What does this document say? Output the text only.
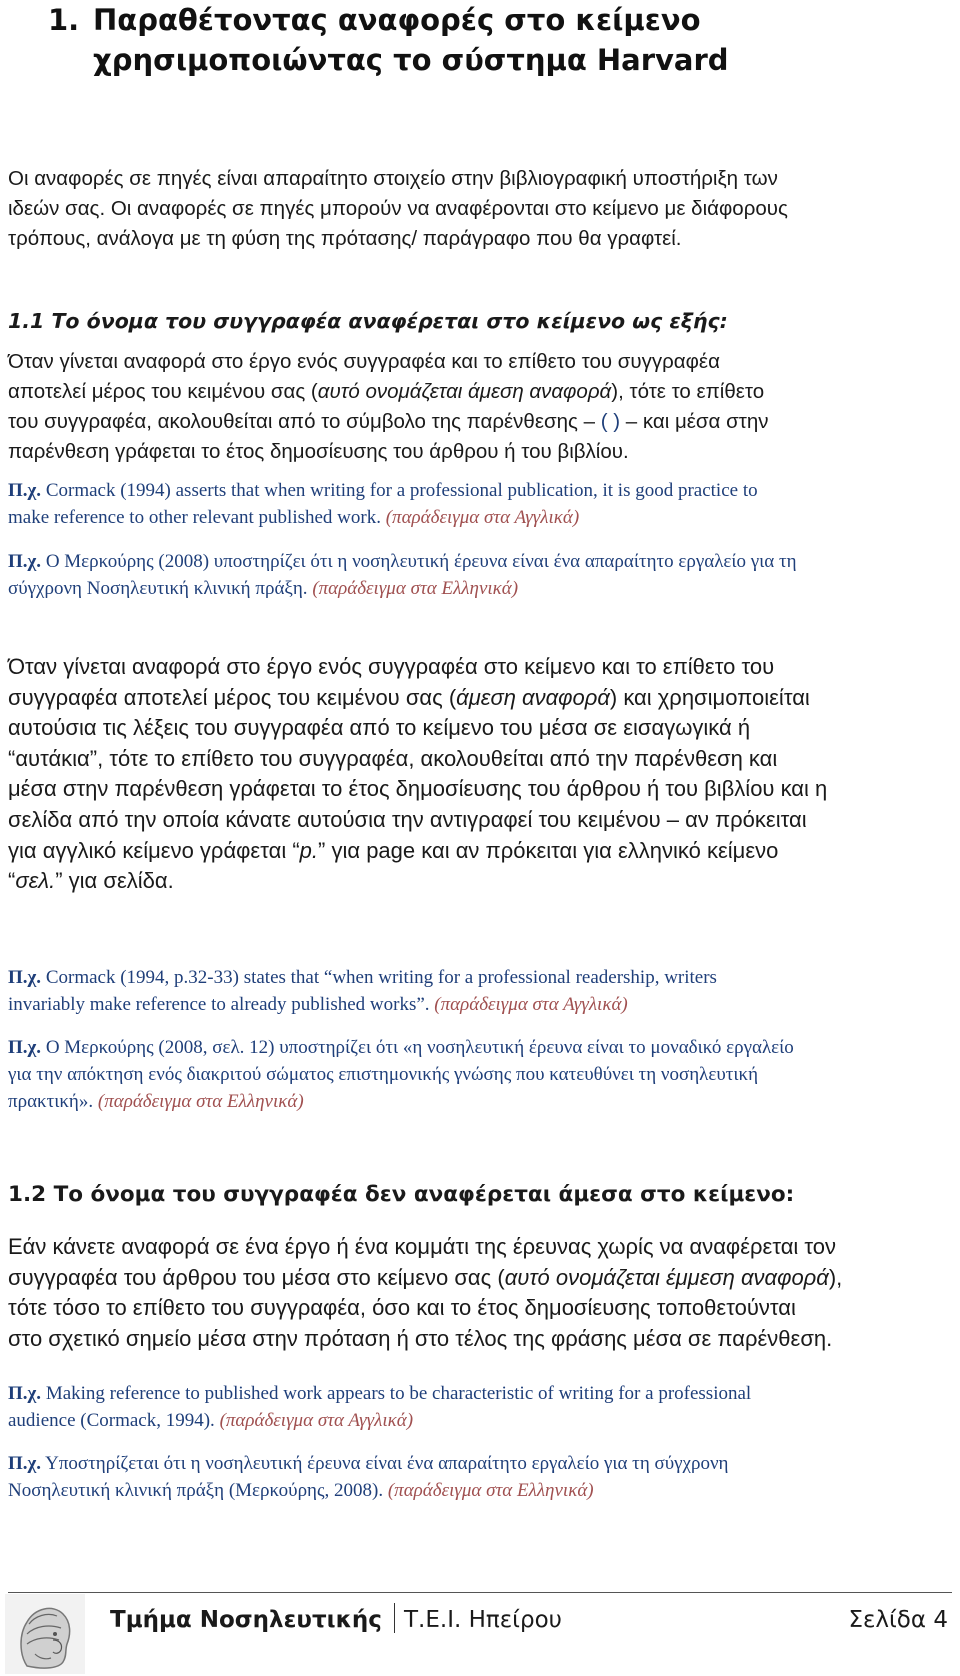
1. Παραθέτοντας αναφορές στο κείμενο
χρησιμοποιώντας το σύστημα Harvard
Οι αναφορές σε πηγές είναι απαραίτητο στοιχείο στην βιβλιογραφική υποστήριξη των
ιδεών σας. Οι αναφορές σε πηγές μπορούν να αναφέρονται στο κείμενο με διάφορους
τρόπους, ανάλογα με τη φύση της πρότασης/ παράγραφο που θα γραφτεί.
1.1 Το όνομα του συγγραφέα αναφέρεται στο κείμενο ως εξής:
Όταν γίνεται αναφορά στο έργο ενός συγγραφέα και το επίθετο του συγγραφέα
αποτελεί μέρος του κειμένου σας (αυτό ονομάζεται άμεση αναφορά), τότε το επίθετο
του συγγραφέα, ακολουθείται από το σύμβολο της παρένθεσης – ( ) – και μέσα στην
παρένθεση γράφεται το έτος δημοσίευσης του άρθρου ή του βιβλίου.
Π.χ. Cormack (1994) asserts that when writing for a professional publication, it is good practice to
make reference to other relevant published work. (παράδειγμα στα Αγγλικά)
Π.χ. Ο Μερκούρης (2008) υποστηρίζει ότι η νοσηλευτική έρευνα είναι ένα απαραίτητο εργαλείο για τη
σύγχρονη Νοσηλευτική κλινική πράξη. (παράδειγμα στα Ελληνικά)
Όταν γίνεται αναφορά στο έργο ενός συγγραφέα στο κείμενο και το επίθετο του
συγγραφέα αποτελεί μέρος του κειμένου σας (άμεση αναφορά) και χρησιμοποιείται
αυτούσια τις λέξεις του συγγραφέα από το κείμενο του μέσα σε εισαγωγικά ή
“αυτάκια”, τότε το επίθετο του συγγραφέα, ακολουθείται από την παρένθεση και
μέσα στην παρένθεση γράφεται το έτος δημοσίευσης του άρθρου ή του βιβλίου και η
σελίδα από την οποία κάνατε αυτούσια την αντιγραφεί του κειμένου – αν πρόκειται
για αγγλικό κείμενο γράφεται “p.” για page και αν πρόκειται για ελληνικό κείμενο
“σελ.” για σελίδα.
Π.χ. Cormack (1994, p.32-33) states that “when writing for a professional readership, writers
invariably make reference to already published works”. (παράδειγμα στα Αγγλικά)
Π.χ. Ο Μερκούρης (2008, σελ. 12) υποστηρίζει ότι «η νοσηλευτική έρευνα είναι το μοναδικό εργαλείο
για την απόκτηση ενός διακριτού σώματος επιστημονικής γνώσης που κατευθύνει τη νοσηλευτική
πρακτική». (παράδειγμα στα Ελληνικά)
1.2 Το όνομα του συγγραφέα δεν αναφέρεται άμεσα στο κείμενο:
Εάν κάνετε αναφορά σε ένα έργο ή ένα κομμάτι της έρευνας χωρίς να αναφέρεται τον
συγγραφέα του άρθρου του μέσα στο κείμενο σας (αυτό ονομάζεται έμμεση αναφορά),
τότε τόσο το επίθετο του συγγραφέα, όσο και το έτος δημοσίευσης τοποθετούνται
στο σχετικό σημείο μέσα στην πρόταση ή στο τέλος της φράσης μέσα σε παρένθεση.
Π.χ. Making reference to published work appears to be characteristic of writing for a professional
audience (Cormack, 1994). (παράδειγμα στα Αγγλικά)
Π.χ. Υποστηρίζεται ότι η νοσηλευτική έρευνα είναι ένα απαραίτητο εργαλείο για τη σύγχρονη
Νοσηλευτική κλινική πράξη (Μερκούρης, 2008). (παράδειγμα στα Ελληνικά)
Τμήμα Νοσηλευτικής Τ.Ε.Ι. Ηπείρου	Σελίδα 4
